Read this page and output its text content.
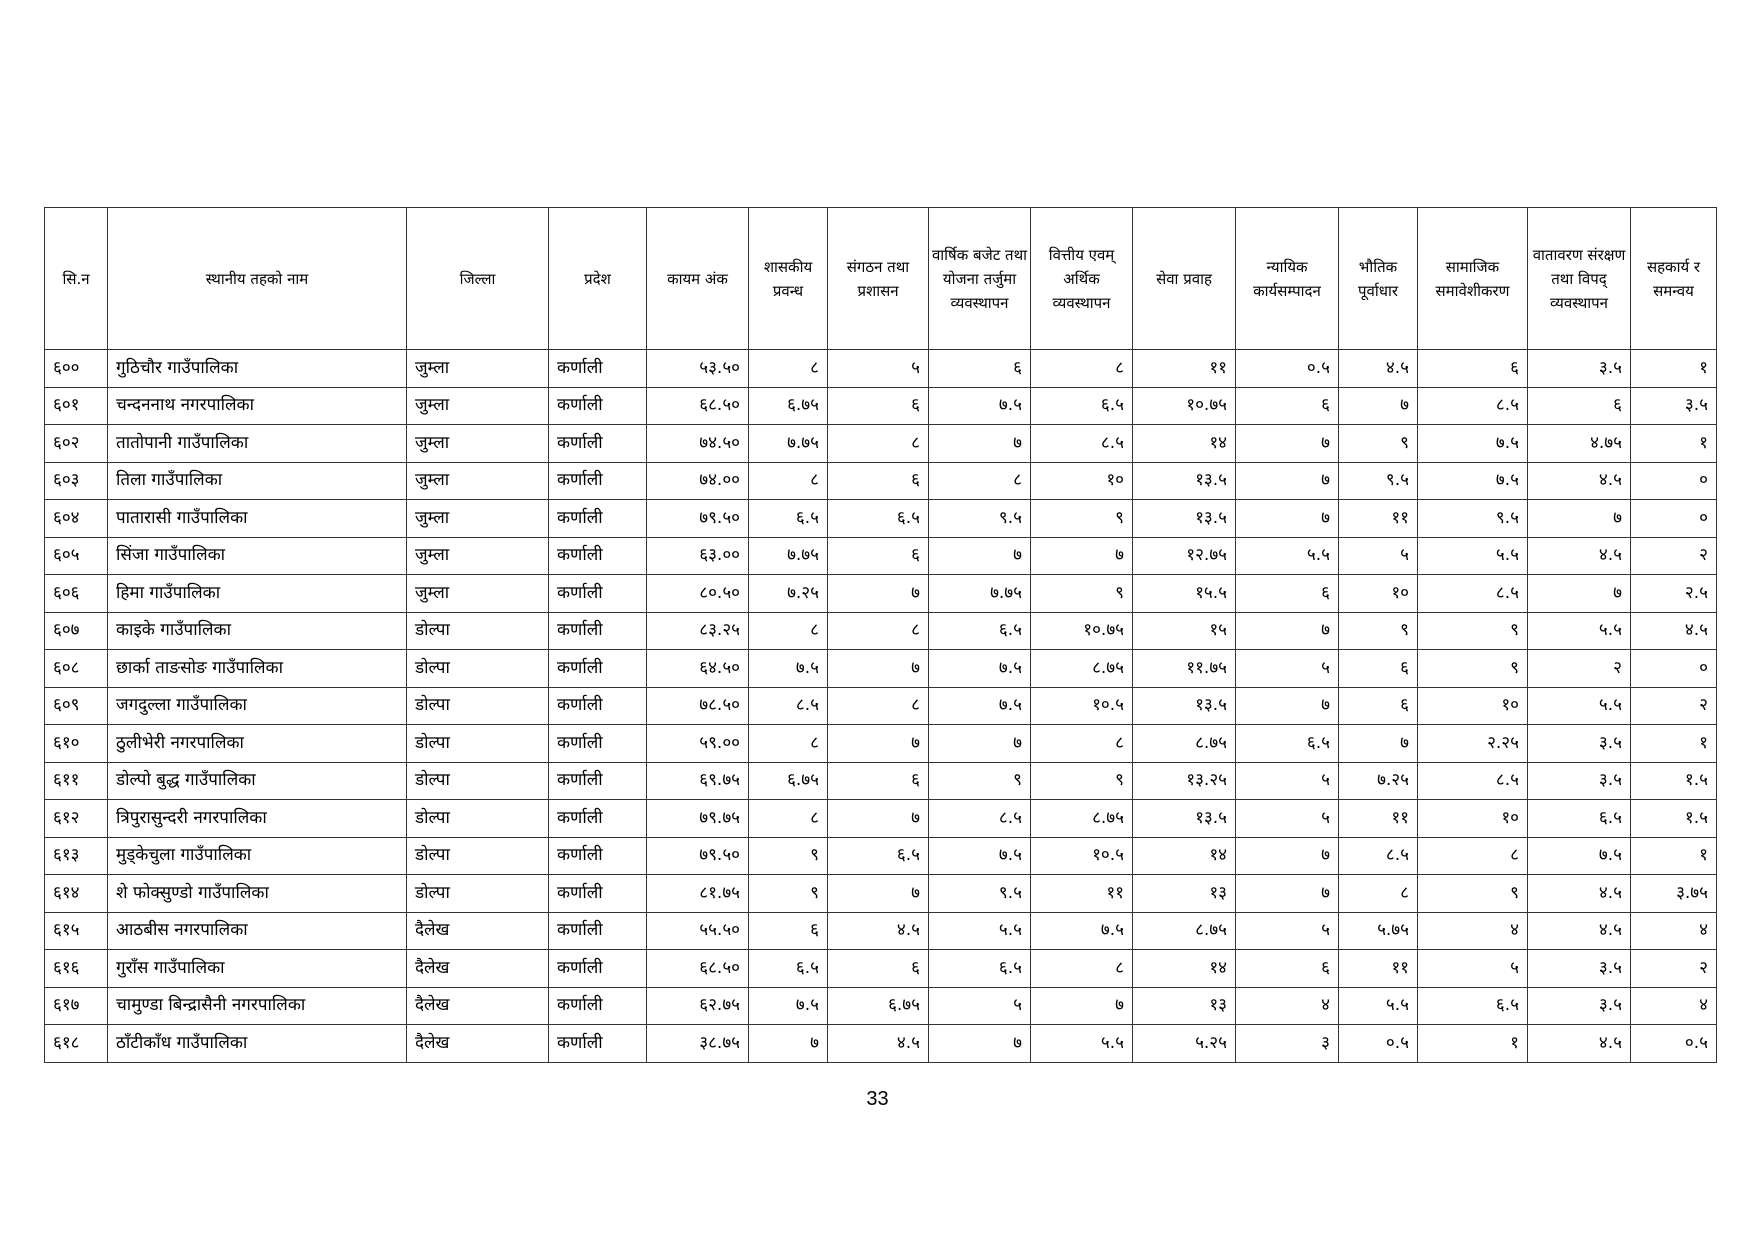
सि.न	स्थानीय तहको नाम	जिल्ला	प्रदेश	कायम अंक	शासकीय प्रवन्ध	संगठन तथा प्रशासन	वार्षिक बजेट तथा योजना तर्जुमा व्यवस्थापन	वित्तीय एवम् अर्थिक व्यवस्थापन	सेवा प्रवाह	न्यायिक कार्यसम्पादन	भौतिक पूर्वाधार	सामाजिक समावेशीकरण	वातावरण संरक्षण तथा विपद् व्यवस्थापन	सहकार्य र समन्वय
६००	गुठिचौर गाउँपालिका	जुम्ला	कर्णाली	५३.५०	८	५	६	८	११	०.५	४.५	६	३.५	१
६०१	चन्दननाथ नगरपालिका	जुम्ला	कर्णाली	६८.५०	६.७५	६	७.५	६.५	१०.७५	६	७	८.५	६	३.५
६०२	तातोपानी गाउँपालिका	जुम्ला	कर्णाली	७४.५०	७.७५	८	७	८.५	१४	७	९	७.५	४.७५	१
६०३	तिला गाउँपालिका	जुम्ला	कर्णाली	७४.००	८	६	८	१०	१३.५	७	९.५	७.५	४.५	०
६०४	पातारासी गाउँपालिका	जुम्ला	कर्णाली	७९.५०	६.५	६.५	९.५	९	१३.५	७	११	९.५	७	०
६०५	सिंजा गाउँपालिका	जुम्ला	कर्णाली	६३.००	७.७५	६	७	७	१२.७५	५.५	५	५.५	४.५	२
६०६	हिमा गाउँपालिका	जुम्ला	कर्णाली	८०.५०	७.२५	७	७.७५	९	१५.५	६	१०	८.५	७	२.५
६०७	काइके गाउँपालिका	डोल्पा	कर्णाली	८३.२५	८	८	६.५	१०.७५	१५	७	९	९	५.५	४.५
६०८	छार्का ताङसोङ गाउँपालिका	डोल्पा	कर्णाली	६४.५०	७.५	७	७.५	८.७५	११.७५	५	६	९	२	०
६०९	जगदुल्ला गाउँपालिका	डोल्पा	कर्णाली	७८.५०	८.५	८	७.५	१०.५	१३.५	७	६	१०	५.५	२
६१०	ठुलीभेरी नगरपालिका	डोल्पा	कर्णाली	५९.००	८	७	७	८	८.७५	६.५	७	२.२५	३.५	१
६११	डोल्पो बुद्ध गाउँपालिका	डोल्पा	कर्णाली	६९.७५	६.७५	६	९	९	१३.२५	५	७.२५	८.५	३.५	१.५
६१२	त्रिपुरासुन्दरी नगरपालिका	डोल्पा	कर्णाली	७९.७५	८	७	८.५	८.७५	१३.५	५	११	१०	६.५	१.५
६१३	मुड्केचुला गाउँपालिका	डोल्पा	कर्णाली	७९.५०	९	६.५	७.५	१०.५	१४	७	८.५	८	७.५	१
६१४	शे फोक्सुण्डो गाउँपालिका	डोल्पा	कर्णाली	८१.७५	९	७	९.५	११	१३	७	८	९	४.५	३.७५
६१५	आठबीस नगरपालिका	दैलेख	कर्णाली	५५.५०	६	४.५	५.५	७.५	८.७५	५	५.७५	४	४.५	४
६१६	गुराँस गाउँपालिका	दैलेख	कर्णाली	६८.५०	६.५	६	६.५	८	१४	६	११	५	३.५	२
६१७	चामुण्डा बिन्द्रासैनी नगरपालिका	दैलेख	कर्णाली	६२.७५	७.५	६.७५	५	७	१३	४	५.५	६.५	३.५	४
६१८	ठाँटीकाँध गाउँपालिका	दैलेख	कर्णाली	३८.७५	७	४.५	७	५.५	५.२५	३	०.५	१	४.५	०.५
33
